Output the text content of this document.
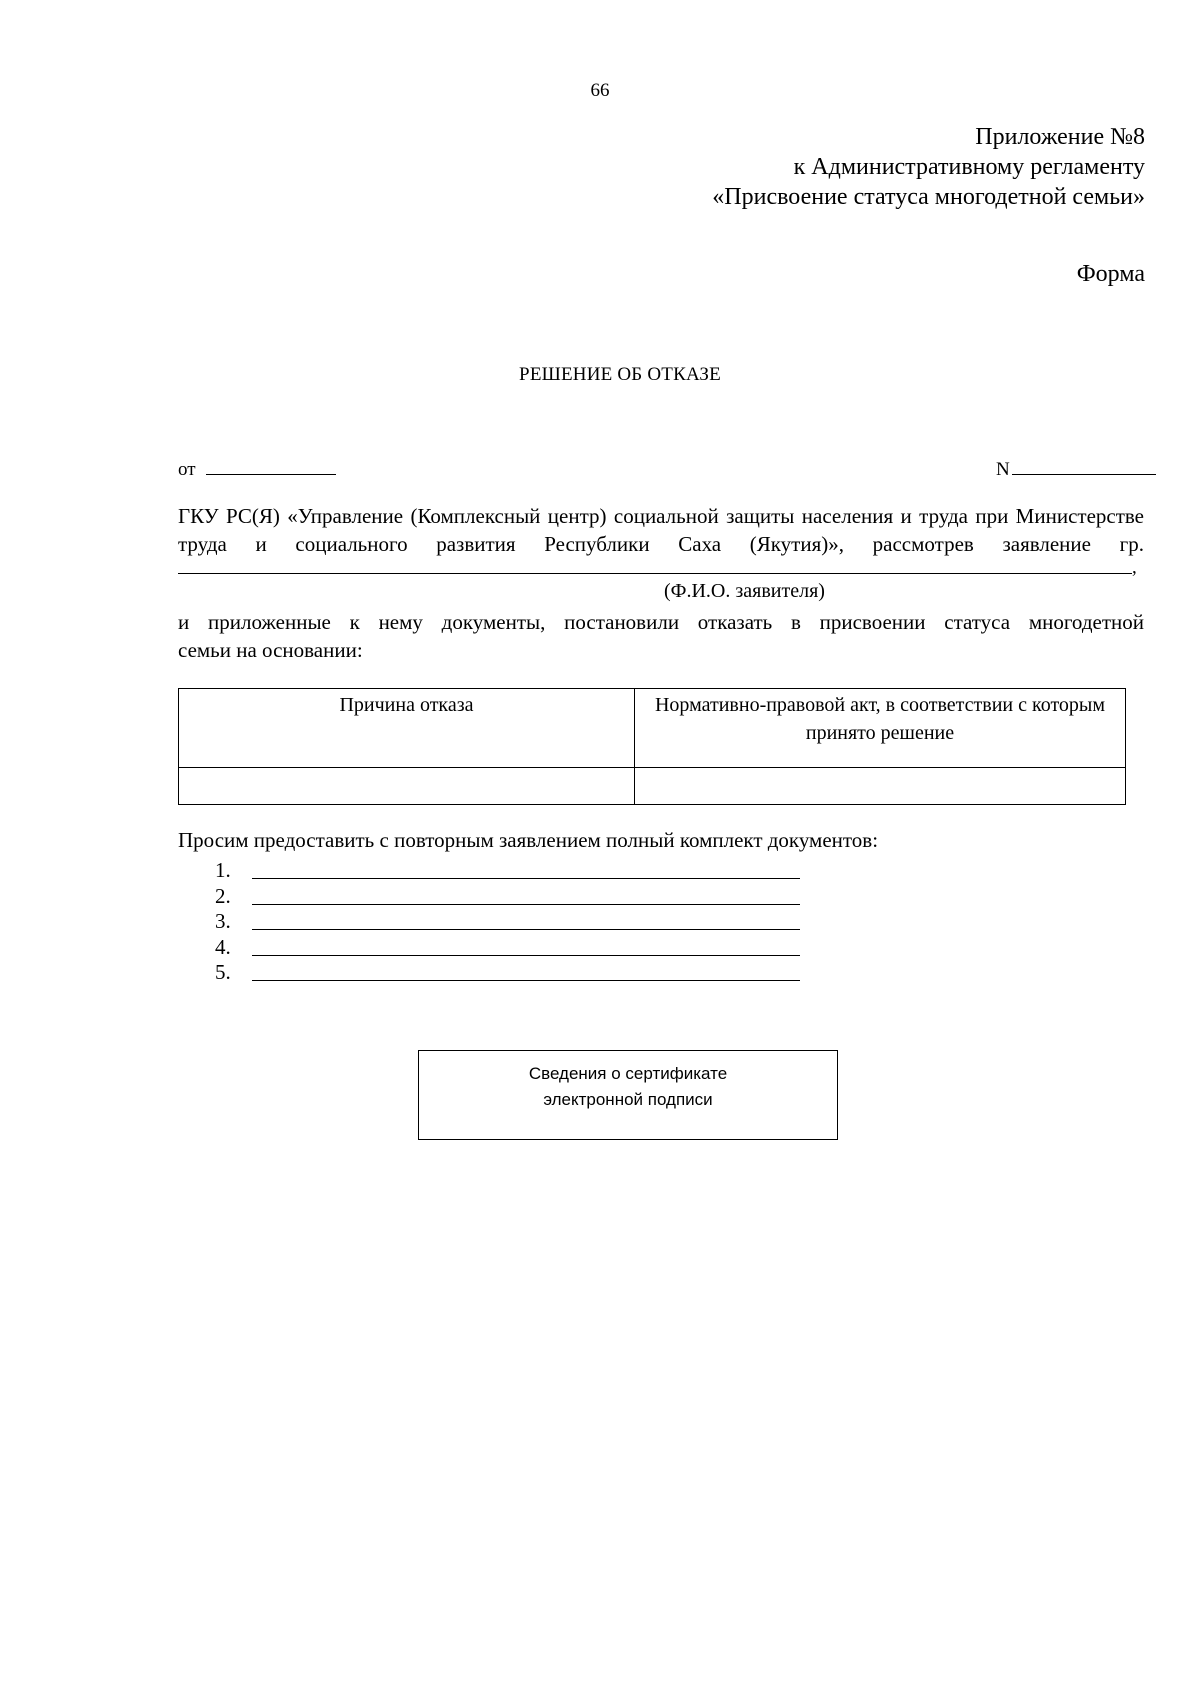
66
Приложение №8
к Административному регламенту
«Присвоение статуса многодетной семьи»
Форма
РЕШЕНИЕ ОБ ОТКАЗЕ
от	N
ГКУ РС(Я) «Управление (Комплексный центр) социальной защиты населения и труда при Министерстве труда и социального развития Республики Саха (Якутия)», рассмотрев заявление гр.
,
(Ф.И.О. заявителя)
и приложенные к нему документы, постановили отказать в присвоении статуса многодетной
семьи на основании:
Причина отказа	Нормативно-правовой акт, в соответствии с которым принято решение

Просим предоставить с повторным заявлением полный комплект документов:
1.
2.
3.
4.
5.
Сведения о сертификате
электронной подписи
